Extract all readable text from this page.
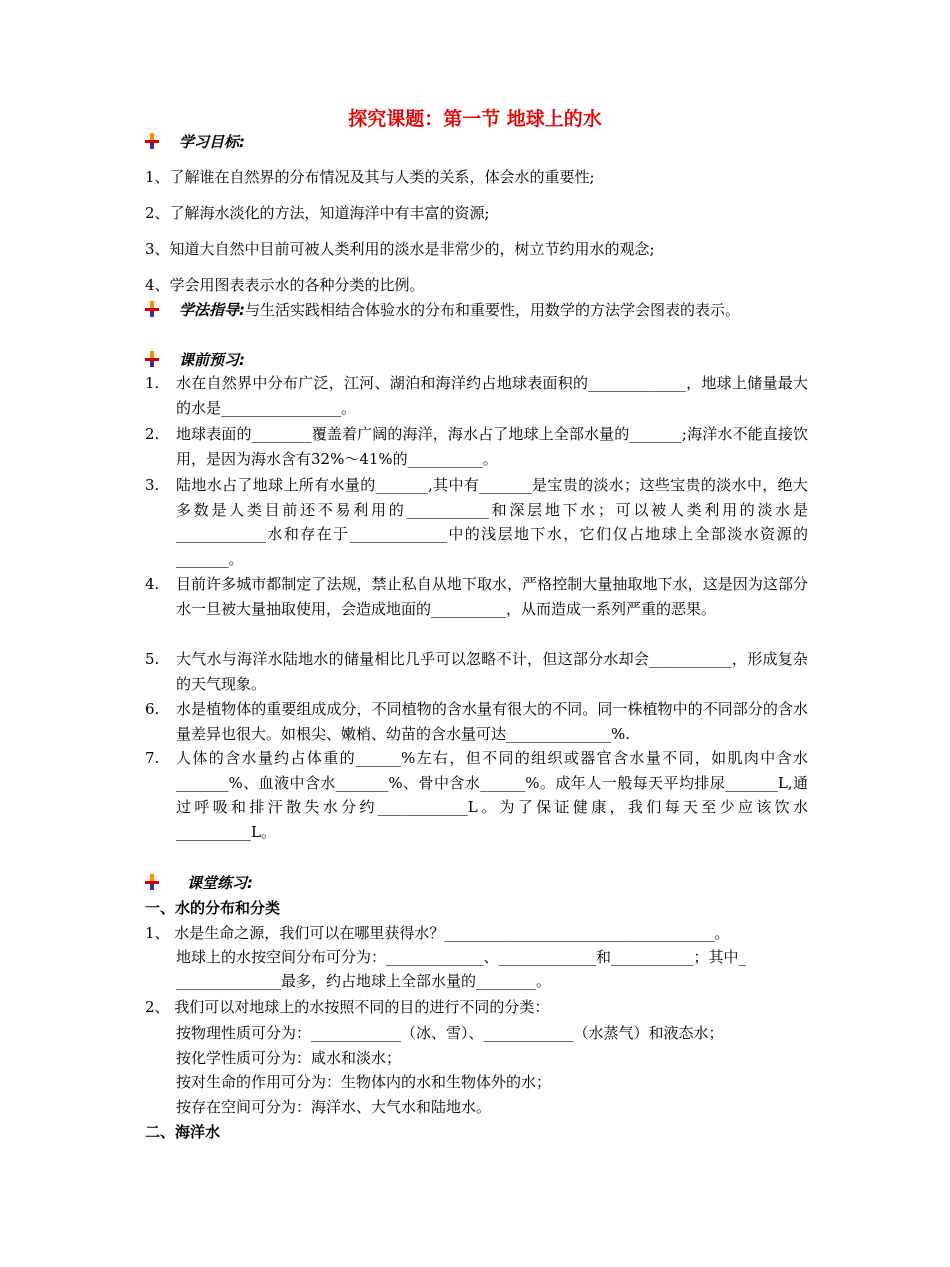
探究课题：第一节 地球上的水
学习目标:
1、了解谁在自然界的分布情况及其与人类的关系，体会水的重要性;
2、了解海水淡化的方法，知道海洋中有丰富的资源;
3、知道大自然中目前可被人类利用的淡水是非常少的，树立节约用水的观念;
4、学会用图表表示水的各种分类的比例。
学法指导: 与生活实践相结合体验水的分布和重要性，用数学的方法学会图表的表示。
课前预习:
1. 水在自然界中分布广泛，江河、湖泊和海洋约占地球表面积的_____________，地球上储量最大的水是________________。
2. 地球表面的________覆盖着广阔的海洋，海水占了地球上全部水量的_______;海洋水不能直接饮用，是因为海水含有32%～41%的__________。
3. 陆地水占了地球上所有水量的_______,其中有_______是宝贵的淡水；这些宝贵的淡水中，绝大多数是人类目前还不易利用的___________和深层地下水；可以被人类利用的淡水是____________水和存在于_____________中的浅层地下水，它们仅占地球上全部淡水资源的_______。
4. 目前许多城市都制定了法规，禁止私自从地下取水，严格控制大量抽取地下水，这是因为这部分水一旦被大量抽取使用，会造成地面的__________，从而造成一系列严重的恶果。
5. 大气水与海洋水陆地水的储量相比几乎可以忽略不计，但这部分水却会___________，形成复杂的天气现象。
6. 水是植物体的重要组成成分，不同植物的含水量有很大的不同。同一株植物中的不同部分的含水量差异也很大。如根尖、嫩梢、幼苗的含水量可达______________%.
7. 人体的含水量约占体重的______%左右，但不同的组织或器官含水量不同，如肌肉中含水_______%、血液中含水_______%、骨中含水______%。成年人一般每天平均排尿_______L,通过呼吸和排汗散失水分约____________L。为了保证健康，我们每天至少应该饮水__________L。
课堂练习:
一、水的分布和分类
1、 水是生命之源，我们可以在哪里获得水？____________________________________。
地球上的水按空间分布可分为：_____________、_____________和___________；其中_
______________最多，约占地球上全部水量的________。
2、 我们可以对地球上的水按照不同的目的进行不同的分类：
按物理性质可分为：____________（冰、雪）、____________（水蒸气）和液态水；
按化学性质可分为：咸水和淡水；
按对生命的作用可分为：生物体内的水和生物体外的水；
按存在空间可分为：海洋水、大气水和陆地水。
二、海洋水
